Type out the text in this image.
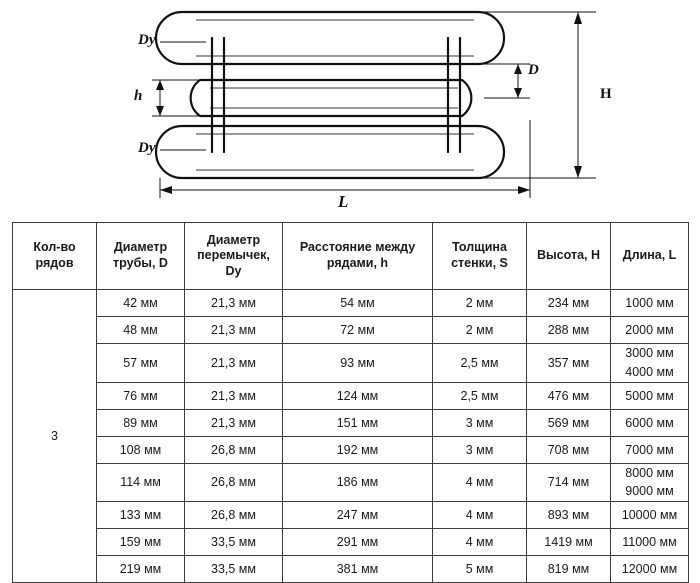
Dy
Dy
h
D
H
L
Кол-во рядов	Диаметр трубы, D	Диаметр перемычек, Dy	Расстояние между рядами, h	Толщина стенки, S	Высота, H	Длина, L
3	42 мм	21,3 мм	54 мм	2 мм	234 мм	1000 мм
	48 мм	21,3 мм	72 мм	2 мм	288 мм	2000 мм
	57 мм	21,3 мм	93 мм	2,5 мм	357 мм	3000 мм
4000 мм
	76 мм	21,3 мм	124 мм	2,5 мм	476 мм	5000 мм
	89 мм	21,3 мм	151 мм	3 мм	569 мм	6000 мм
	108 мм	26,8 мм	192 мм	3 мм	708 мм	7000 мм
	114 мм	26,8 мм	186 мм	4 мм	714 мм	8000 мм
9000 мм
	133 мм	26,8 мм	247 мм	4 мм	893 мм	10000 мм
	159 мм	33,5 мм	291 мм	4 мм	1419 мм	11000 мм
	219 мм	33,5 мм	381 мм	5 мм	819 мм	12000 мм
